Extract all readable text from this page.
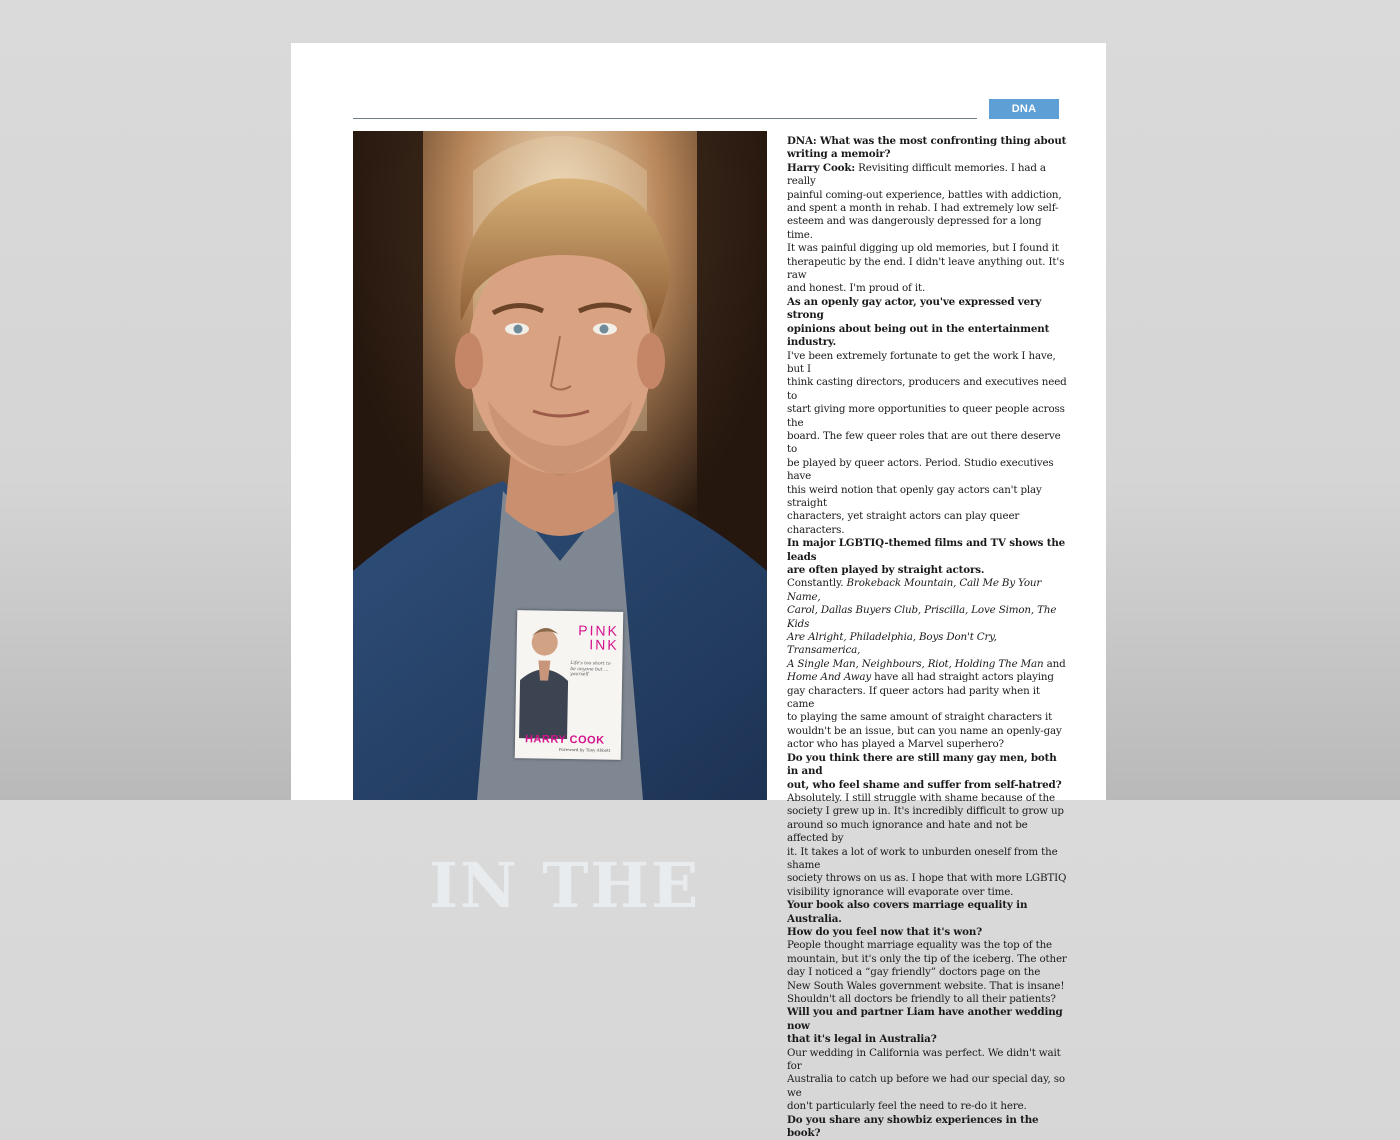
DNA SAMPLES
PINK
INK
Life's too short to be anyone but ... yourself
HARRY COOK
Foreword by Tony Abbott
IN THE

DNA: What was the most confronting thing about
writing a memoir?

Harry Cook: Revisiting difficult memories. I had a really
painful coming-out experience, battles with addiction,
and spent a month in rehab. I had extremely low self-
esteem and was dangerously depressed for a long time.
It was painful digging up old memories, but I found it
therapeutic by the end. I didn't leave anything out. It's raw
and honest. I'm proud of it.

As an openly gay actor, you've expressed very strong
opinions about being out in the entertainment industry.

I've been extremely fortunate to get the work I have, but I
think casting directors, producers and executives need to
start giving more opportunities to queer people across the
board. The few queer roles that are out there deserve to
be played by queer actors. Period. Studio executives have
this weird notion that openly gay actors can't play straight
characters, yet straight actors can play queer characters.

In major LGBTIQ-themed films and TV shows the leads
are often played by straight actors.

Constantly. Brokeback Mountain, Call Me By Your Name,
Carol, Dallas Buyers Club, Priscilla, Love Simon, The Kids
Are Alright, Philadelphia, Boys Don't Cry, Transamerica,
A Single Man, Neighbours, Riot, Holding The Man and
Home And Away have all had straight actors playing
gay characters. If queer actors had parity when it came
to playing the same amount of straight characters it
wouldn't be an issue, but can you name an openly-gay
actor who has played a Marvel superhero?

Do you think there are still many gay men, both in and
out, who feel shame and suffer from self-hatred?

Absolutely. I still struggle with shame because of the
society I grew up in. It's incredibly difficult to grow up
around so much ignorance and hate and not be affected by
it. It takes a lot of work to unburden oneself from the shame
society throws on us as. I hope that with more LGBTIQ
visibility ignorance will evaporate over time.

Your book also covers marriage equality in Australia.
How do you feel now that it's won?

People thought marriage equality was the top of the
mountain, but it's only the tip of the iceberg. The other
day I noticed a “gay friendly” doctors page on the
New South Wales government website. That is insane!
Shouldn't all doctors be friendly to all their patients?

Will you and partner Liam have another wedding now
that it's legal in Australia?

Our wedding in California was perfect. We didn't wait for
Australia to catch up before we had our special day, so we
don't particularly feel the need to re-do it here.

Do you share any showbiz experiences in the book?
